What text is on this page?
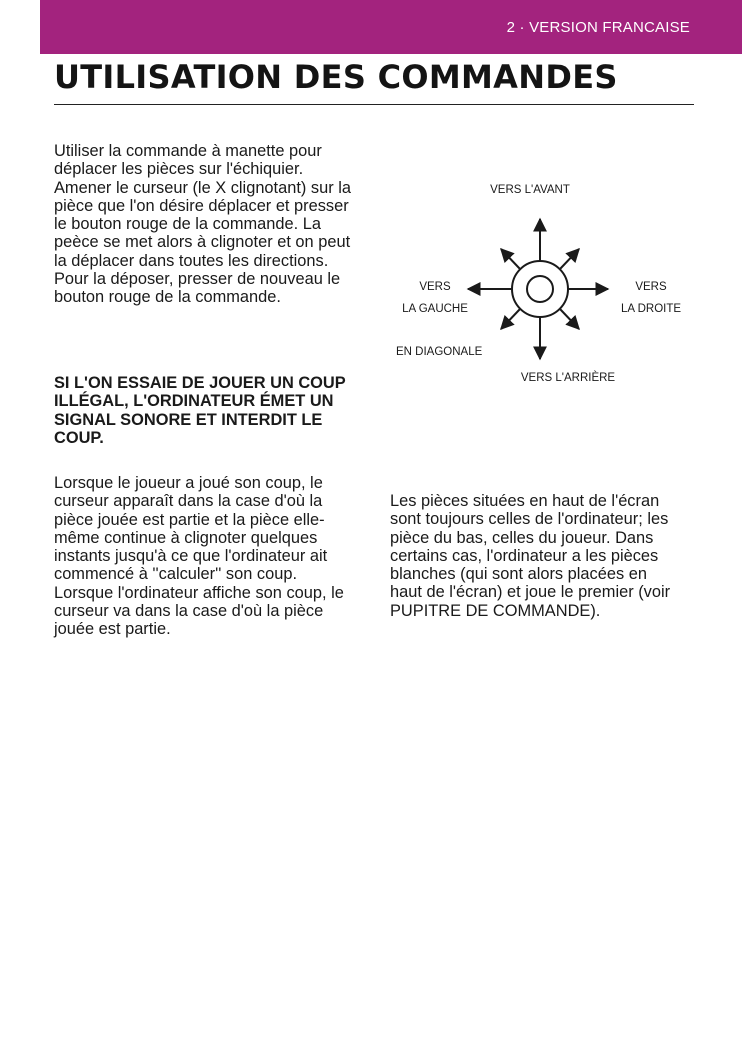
2 · VERSION FRANCAISE
UTILISATION DES COMMANDES

Utiliser la commande à manette pour déplacer les pièces sur l'échiquier. Amener le curseur (le X clignotant) sur la pièce que l'on désire déplacer et presser le bouton rouge de la commande. La peèce se met alors à clignoter et on peut la déplacer dans toutes les directions. Pour la déposer, presser de nouveau le bouton rouge de la commande.

SI L'ON ESSAIE DE JOUER UN COUP ILLÉGAL, L'ORDINATEUR ÉMET UN SIGNAL SONORE ET INTERDIT LE COUP.

Lorsque le joueur a joué son coup, le curseur apparaît dans la case d'où la pièce jouée est partie et la pièce elle-même continue à clignoter quelques instants jusqu'à ce que l'ordinateur ait commencé à ''calculer'' son coup. Lorsque l'ordinateur affiche son coup, le curseur va dans la case d'où la pièce jouée est partie.

Les pièces situées en haut de l'écran sont toujours celles de l'ordinateur; les pièce du bas, celles du joueur. Dans certains cas, l'ordinateur a les pièces blanches (qui sont alors placées en haut de l'écran) et joue le premier (voir PUPITRE DE COMMANDE).

VERS L'AVANT
VERS L'ARRIÈRE
VERS
LA GAUCHE
VERS
LA DROITE
EN DIAGONALE
